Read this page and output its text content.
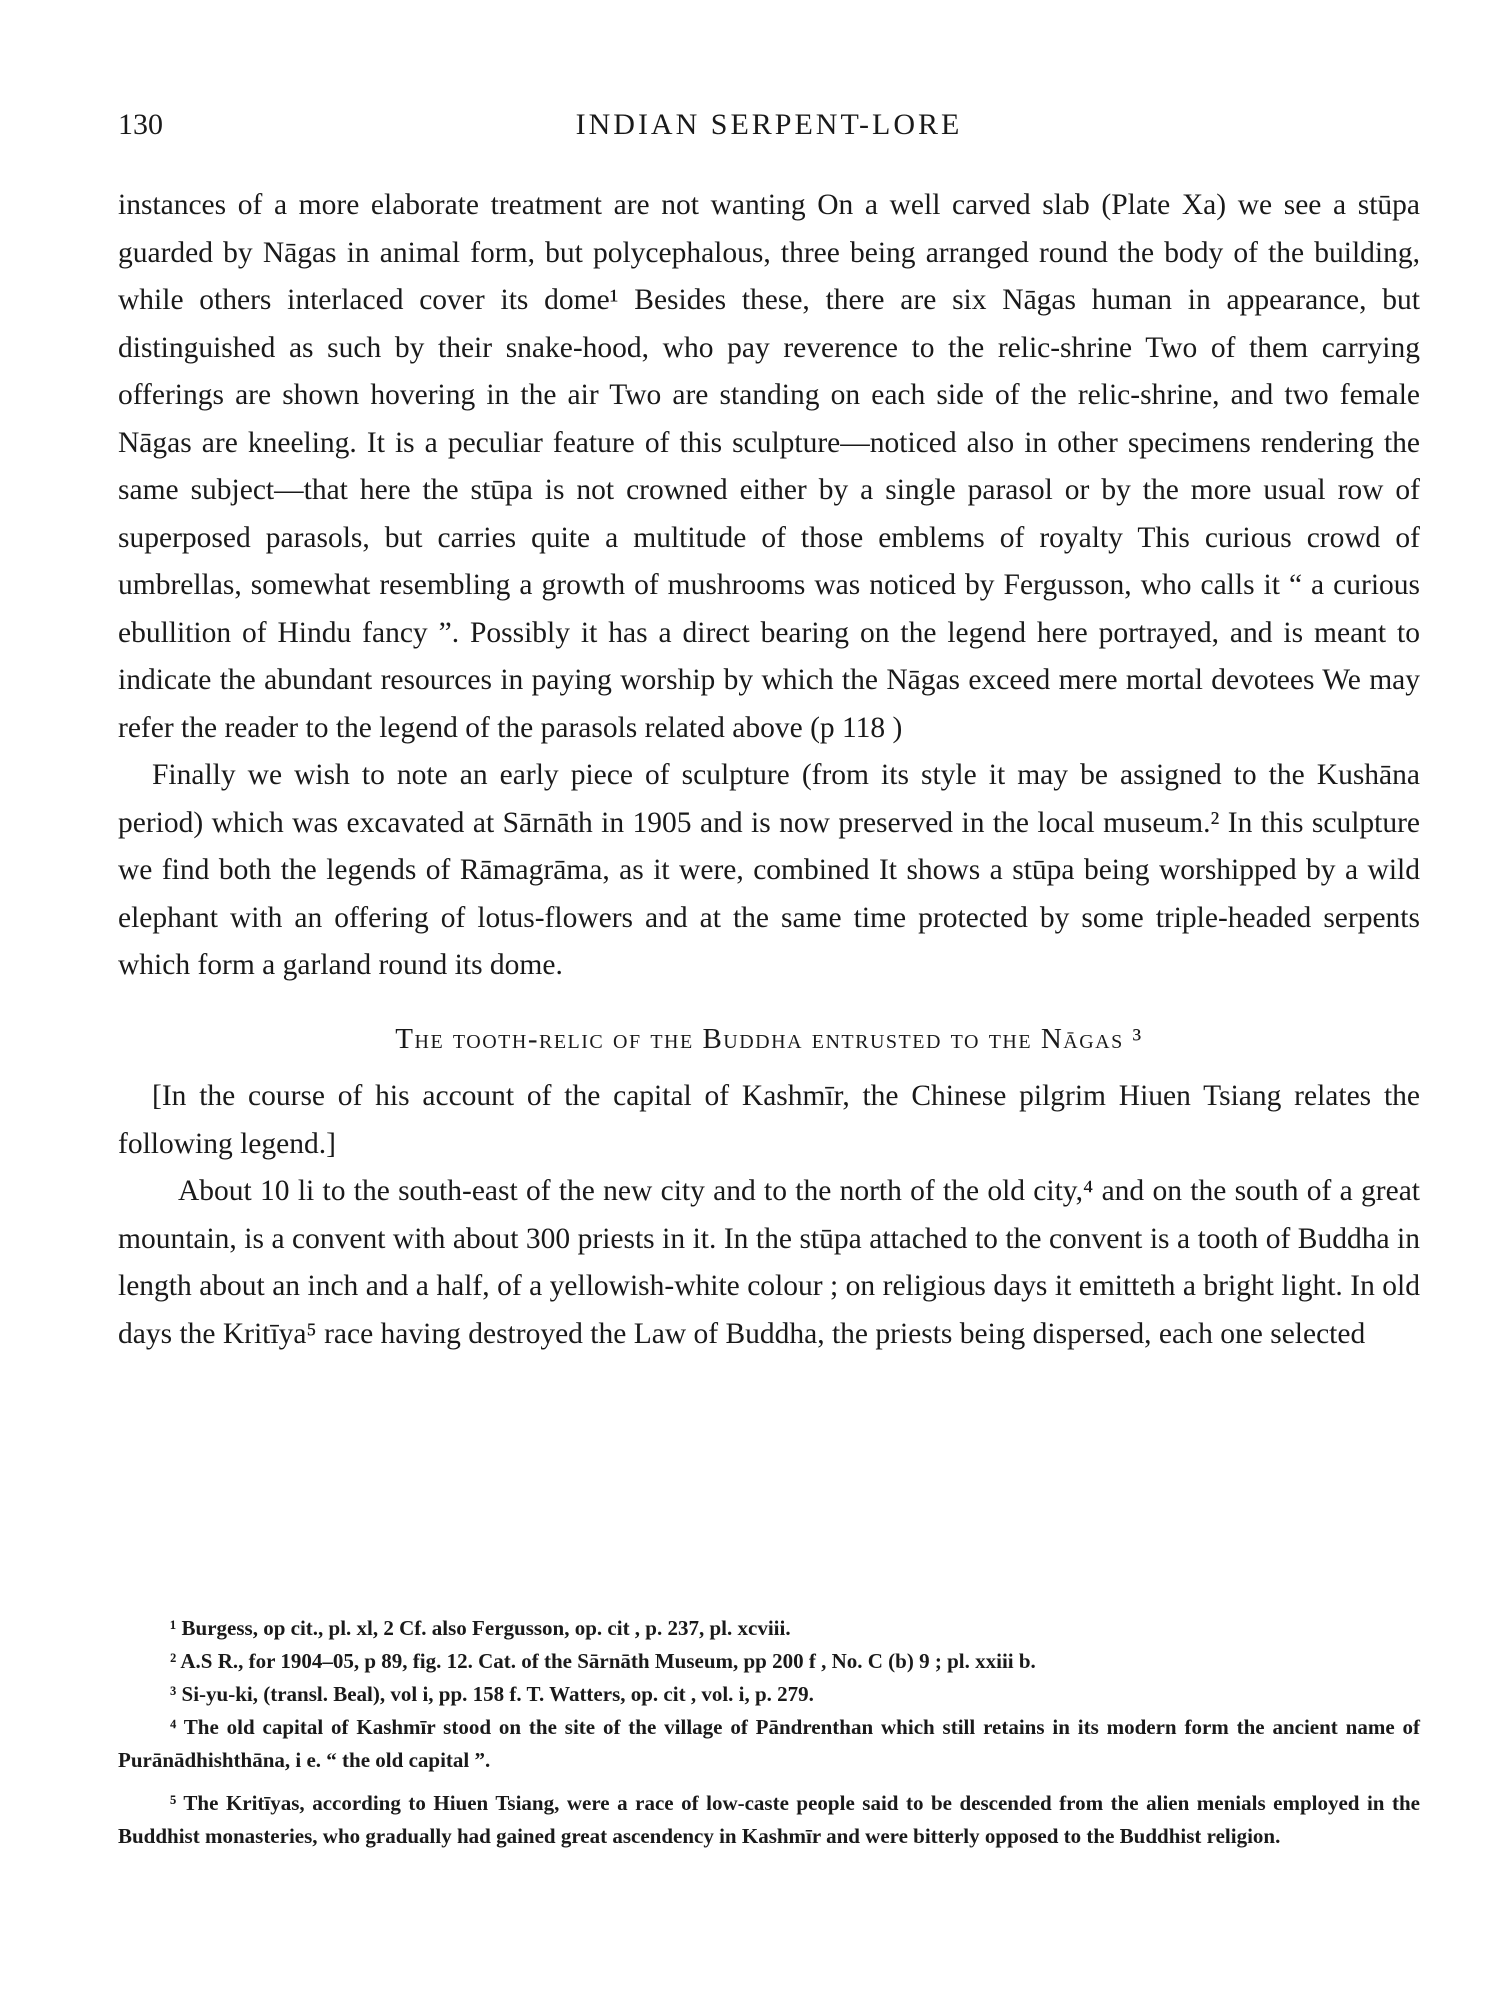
130	INDIAN SERPENT-LORE

instances of a more elaborate treatment are not wanting On a well carved slab (Plate Xa) we see a stūpa guarded by Nāgas in animal form, but polycephalous, three being arranged round the body of the building, while others interlaced cover its dome¹ Besides these, there are six Nāgas human in appearance, but distinguished as such by their snake-hood, who pay reverence to the relic-shrine Two of them carrying offerings are shown hovering in the air Two are standing on each side of the relic-shrine, and two female Nāgas are kneeling. It is a peculiar feature of this sculpture—noticed also in other specimens rendering the same subject—that here the stūpa is not crowned either by a single parasol or by the more usual row of superposed parasols, but carries quite a multitude of those emblems of royalty This curious crowd of umbrellas, somewhat resembling a growth of mushrooms was noticed by Fergusson, who calls it “ a curious ebullition of Hindu fancy ”. Possibly it has a direct bearing on the legend here portrayed, and is meant to indicate the abundant resources in paying worship by which the Nāgas exceed mere mortal devotees We may refer the reader to the legend of the parasols related above (p 118 )

Finally we wish to note an early piece of sculpture (from its style it may be assigned to the Kushāna period) which was excavated at Sārnāth in 1905 and is now preserved in the local museum.² In this sculpture we find both the legends of Rāmagrāma, as it were, combined It shows a stūpa being worshipped by a wild elephant with an offering of lotus-flowers and at the same time protected by some triple-headed serpents which form a garland round its dome.

The tooth-relic of the Buddha entrusted to the Nāgas ³

[In the course of his account of the capital of Kashmīr, the Chinese pilgrim Hiuen Tsiang relates the following legend.]

About 10 li to the south-east of the new city and to the north of the old city,⁴ and on the south of a great mountain, is a convent with about 300 priests in it. In the stūpa attached to the convent is a tooth of Buddha in length about an inch and a half, of a yellowish-white colour ; on religious days it emitteth a bright light. In old days the Kritīya⁵ race having destroyed the Law of Buddha, the priests being dispersed, each one selected

¹ Burgess, op cit., pl. xl, 2 Cf. also Fergusson, op. cit , p. 237, pl. xcviii.

² A.S R., for 1904–05, p 89, fig. 12. Cat. of the Sārnāth Museum, pp 200 f , No. C (b) 9 ; pl. xxiii b.

³ Si-yu-ki, (transl. Beal), vol i, pp. 158 f. T. Watters, op. cit , vol. i, p. 279.

⁴ The old capital of Kashmīr stood on the site of the village of Pāndrenthan which still retains in its modern form the ancient name of Purānādhishthāna, i e. “ the old capital ”.

⁵ The Kritīyas, according to Hiuen Tsiang, were a race of low-caste people said to be descended from the alien menials employed in the Buddhist monasteries, who gradually had gained great ascendency in Kashmīr and were bitterly opposed to the Buddhist religion.
